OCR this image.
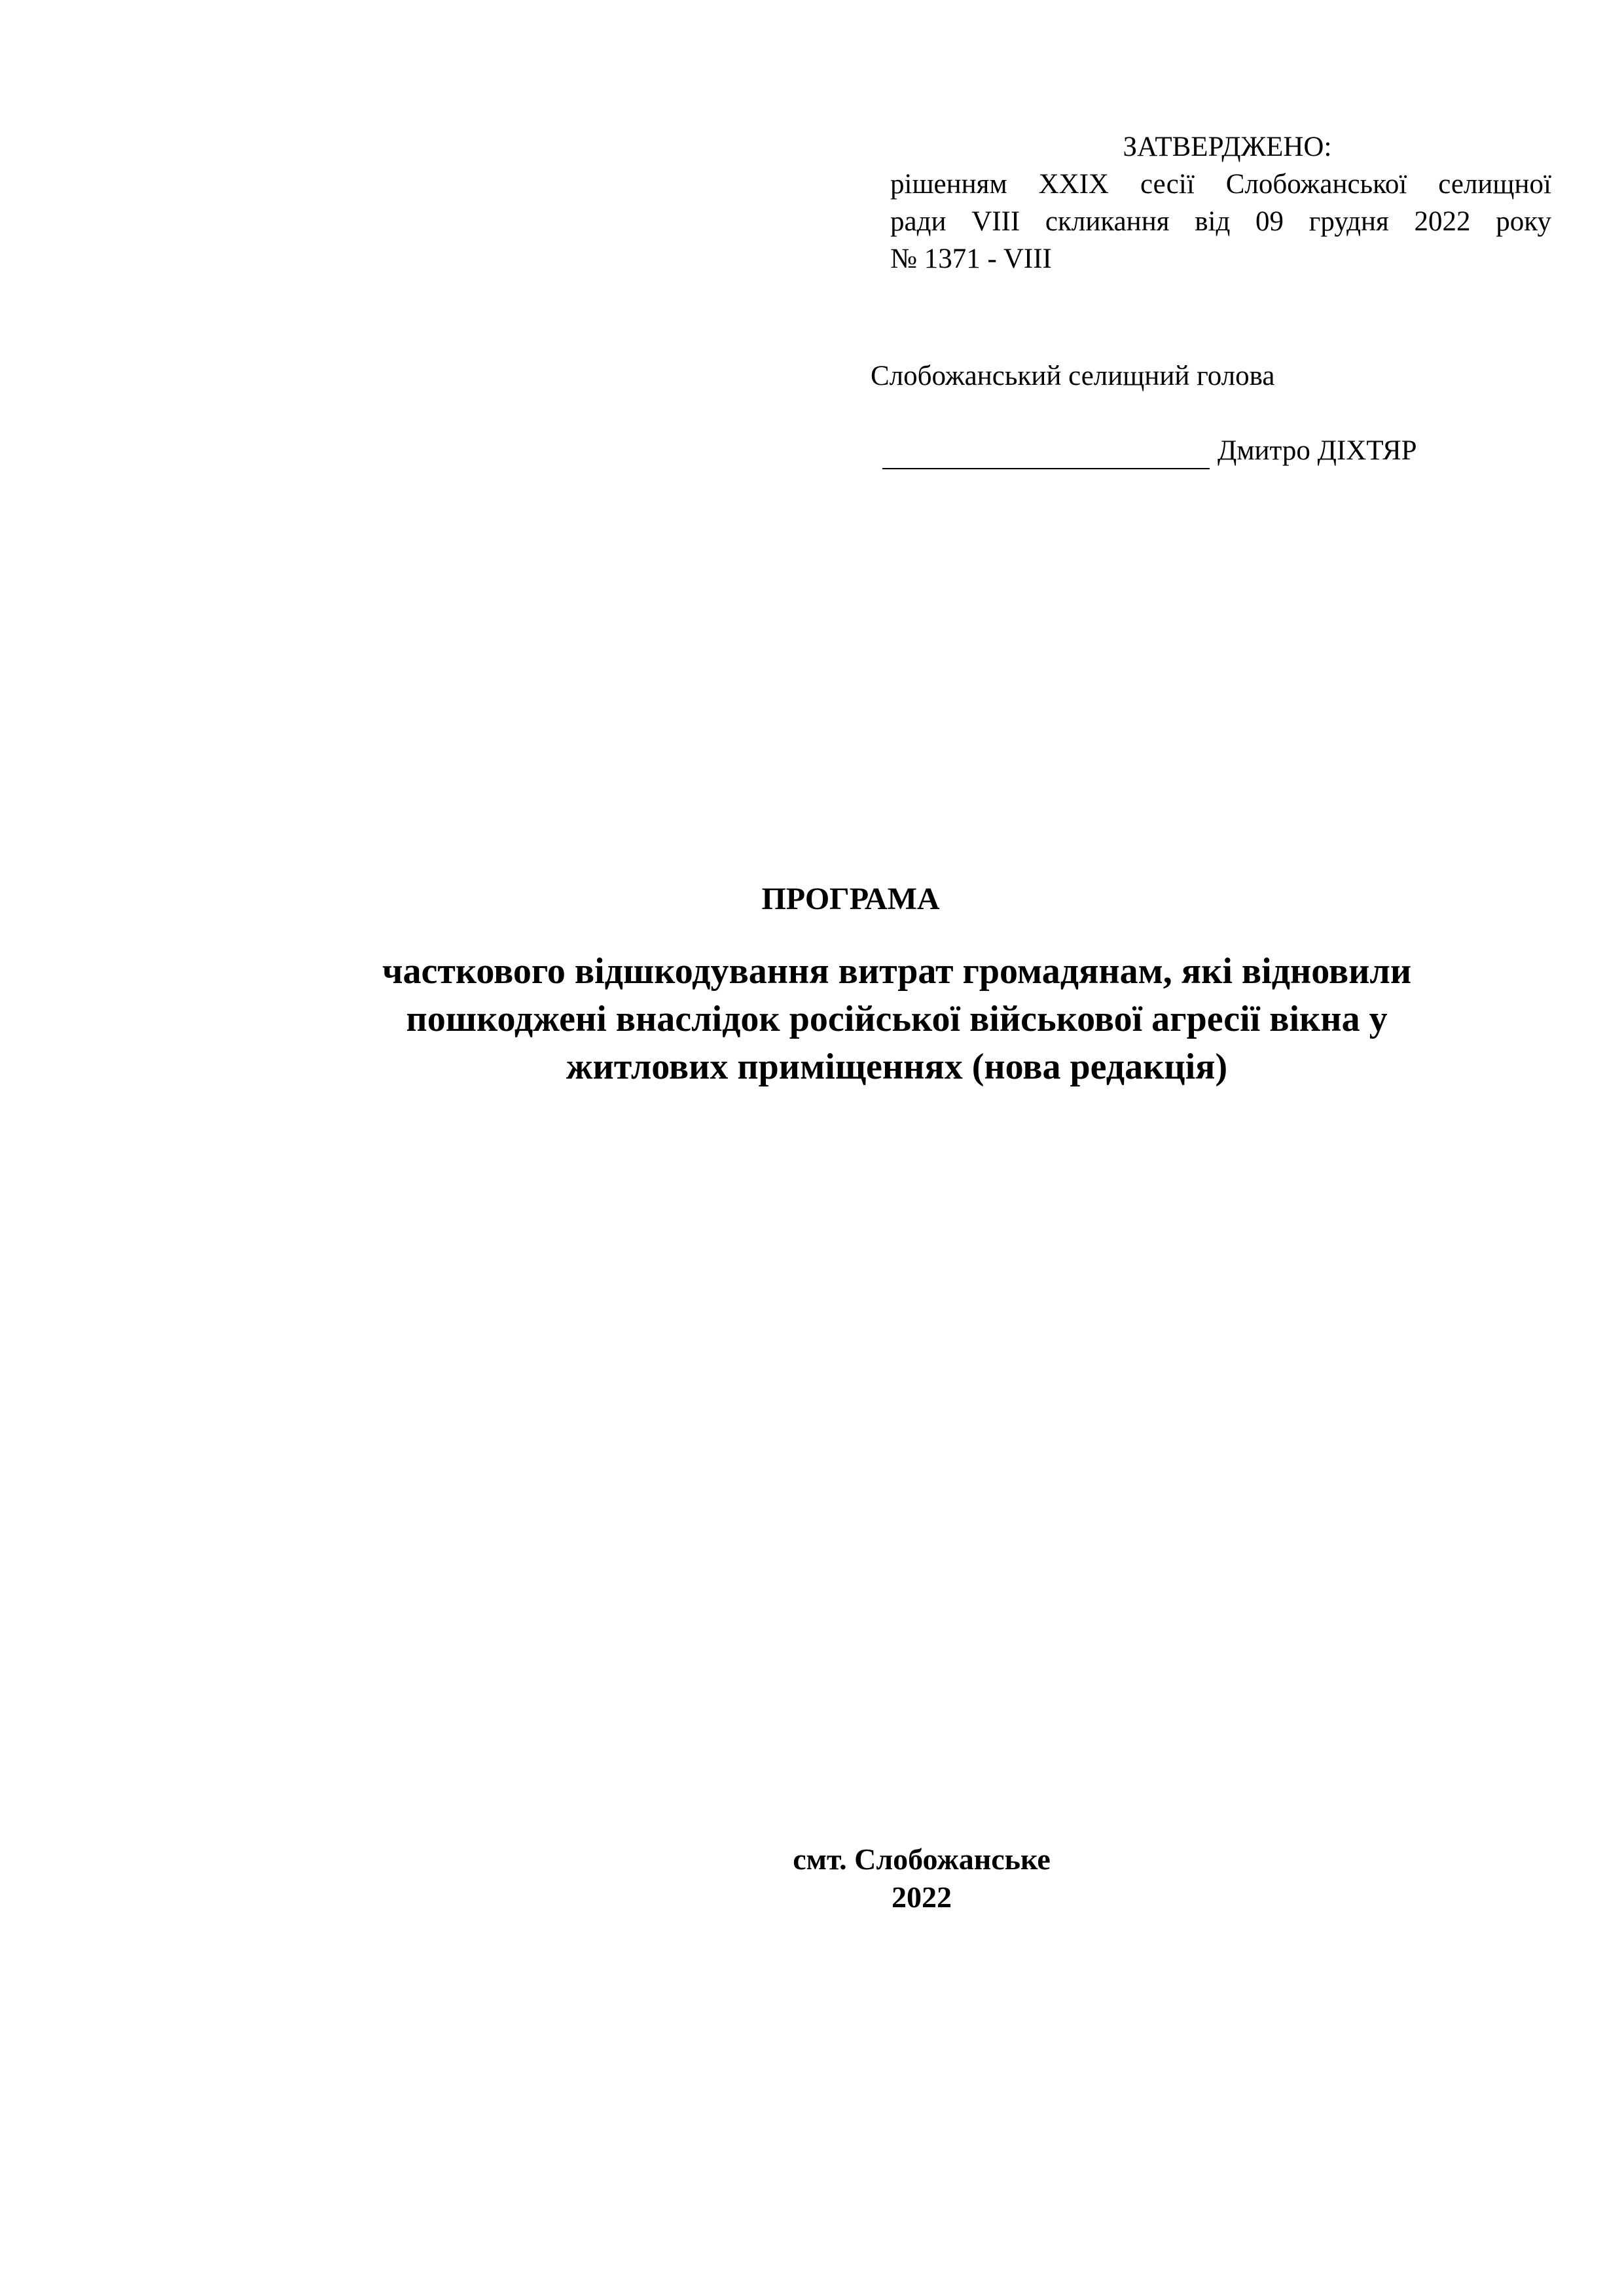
ЗАТВЕРДЖЕНО:
рішенням XXIX сесії Слобожанської селищної
ради VIII скликання від 09 грудня 2022 року
№ 1371 - VIII
Слобожанський селищний голова
Дмитро ДІХТЯР
ПРОГРАМА
часткового відшкодування витрат громадянам, які відновили
пошкоджені внаслідок російської військової агресії вікна у
житлових приміщеннях (нова редакція)
смт. Слобожанське
2022
